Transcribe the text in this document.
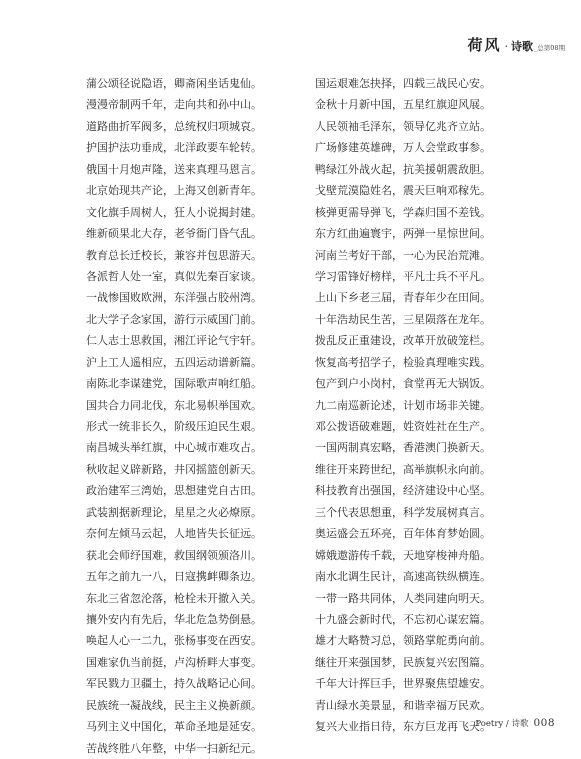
荷风 · 诗歌 _总第08期
蒲公颂径说隐语，卿斋闲坐话鬼仙。
漫漫帝制两千年，走向共和孙中山。
道路曲折军阀多，总统权归项城哀。
护国护法功垂成，北洋政要车轮转。
俄国十月炮声隆，送来真理马恩言。
北京始现共产论，上海又创新青年。
文化旗手周树人，狂人小说揭封建。
维新硕果北大存，老爷衙门昏气乱。
教育总长迁校长，兼容并包思游天。
各派哲人处一室，真似先秦百家谈。
一战惨国败欧洲，东洋强占胶州湾。
北大学子念家国，游行示威国门前。
仁人志士思救国，湘江评论气宇轩。
沪上工人遥相应，五四运动谱新篇。
南陈北李谋建党，国际歌声响红船。
国共合力同北伐，东北易帜举国欢。
形式一统非长久，阶级压迫民生艰。
南昌城头举红旗，中心城市难攻占。
秋收起义辟新路，井冈摇篮创新天。
政治建军三湾始，思想建党自古田。
武装割据新理论，星星之火必燎原。
奈何左倾马云起，人地皆失长征远。
获北会师纾国难，救国纲领颁洛川。
五年之前九一八，日寇携衅卿条边。
东北三省忽沦落，枪栓未开撤入关。
攘外安内有先后，华北危急势倒悬。
唤起人心一二九，张杨事变在西安。
国难家仇当前挺，卢沟桥畔大事变。
军民戮力卫疆土，持久战略记心间。
民族统一凝战线，民主主义换新颜。
马列主义中国化，革命圣地是延安。
苦战终胜八年整，中华一扫新纪元。
国运艰难怎抉择，四载三战民心安。
金秋十月新中国，五星红旗迎风展。
人民领袖毛泽东，领导亿兆齐立站。
广场修建英雄碑，万人会堂政事参。
鸭绿江外战火起，抗美援朝震敌胆。
戈壁荒漠隐姓名，震天巨响邓稼先。
核弹更需导弹飞，学森归国不差钱。
东方红曲遍寰宇，两弹一星惊世间。
河南兰考好干部，一心为民治荒滩。
学习雷锋好榜样，平凡士兵不平凡。
上山下乡老三届，青春年少在田间。
十年浩劫民生苦，三星陨落在龙年。
拨乱反正重建设，改革开放破笼栏。
恢复高考招学子，检验真理唯实践。
包产到户小岗村，食堂再无大锅饭。
九二南巡新论述，计划市场非关键。
邓公拨语破难题，姓资姓社在生产。
一国两制真宏略，香港澳门换新天。
维往开来跨世纪，高举旗帜永向前。
科技教育出强国，经济建设中心坚。
三个代表思想重，科学发展树真言。
奥运盛会五环亮，百年体育梦始圆。
嫦娥遨游传千载，天地穿梭神舟船。
南水北调生民计，高速高铁纵横连。
一带一路共同体，人类同建向明天。
十九盛会新时代，不忘初心谋宏篇。
雄才大略赞习总，领路掌舵勇向前。
继往开来强国梦，民族复兴宏图篇。
千年大计挥巨手，世界聚焦望雄安。
青山绿水美景显，和谐幸福万民欢。
复兴大业指日待，东方巨龙再飞天。
Poetry / 诗歌 008
